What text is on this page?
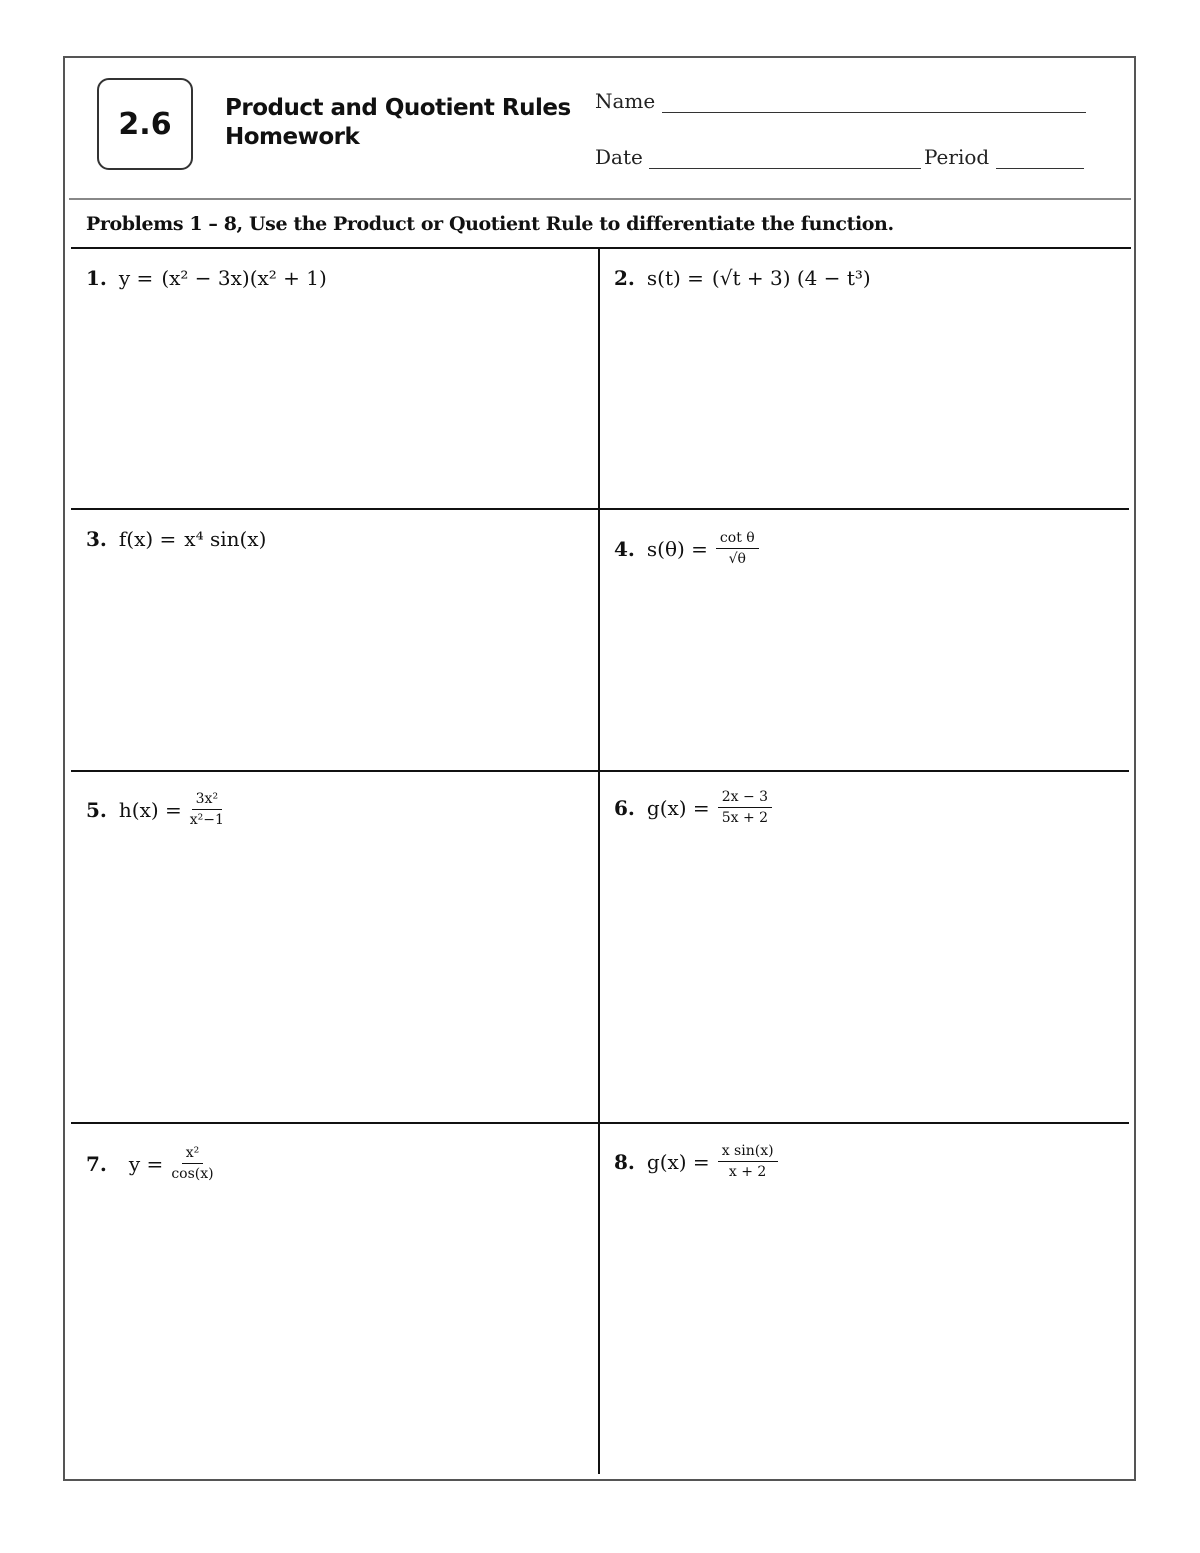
2.6 Product and Quotient Rules
Homework
Name
Date	Period
Problems 1 – 8, Use the Product or Quotient Rule to differentiate the function.
1. y = (x² − 3x)(x² + 1)	2. s(t) = (√t + 3) (4 − t³)
3. f(x) = x⁴ sin(x)	4. $s(\theta) = \frac{\text{cot θ}}{√\theta}$
5. $h(x) = \frac{\text{3x²}}{\text{x²−1}}$	6. $g(x) = \frac{2x - 3}{5x + 2}$
7. $y = \frac{\text{x²}}{\cos(x)}$	8. $g(x) = \frac{\text{x sin(x)}}{x + 2}$
